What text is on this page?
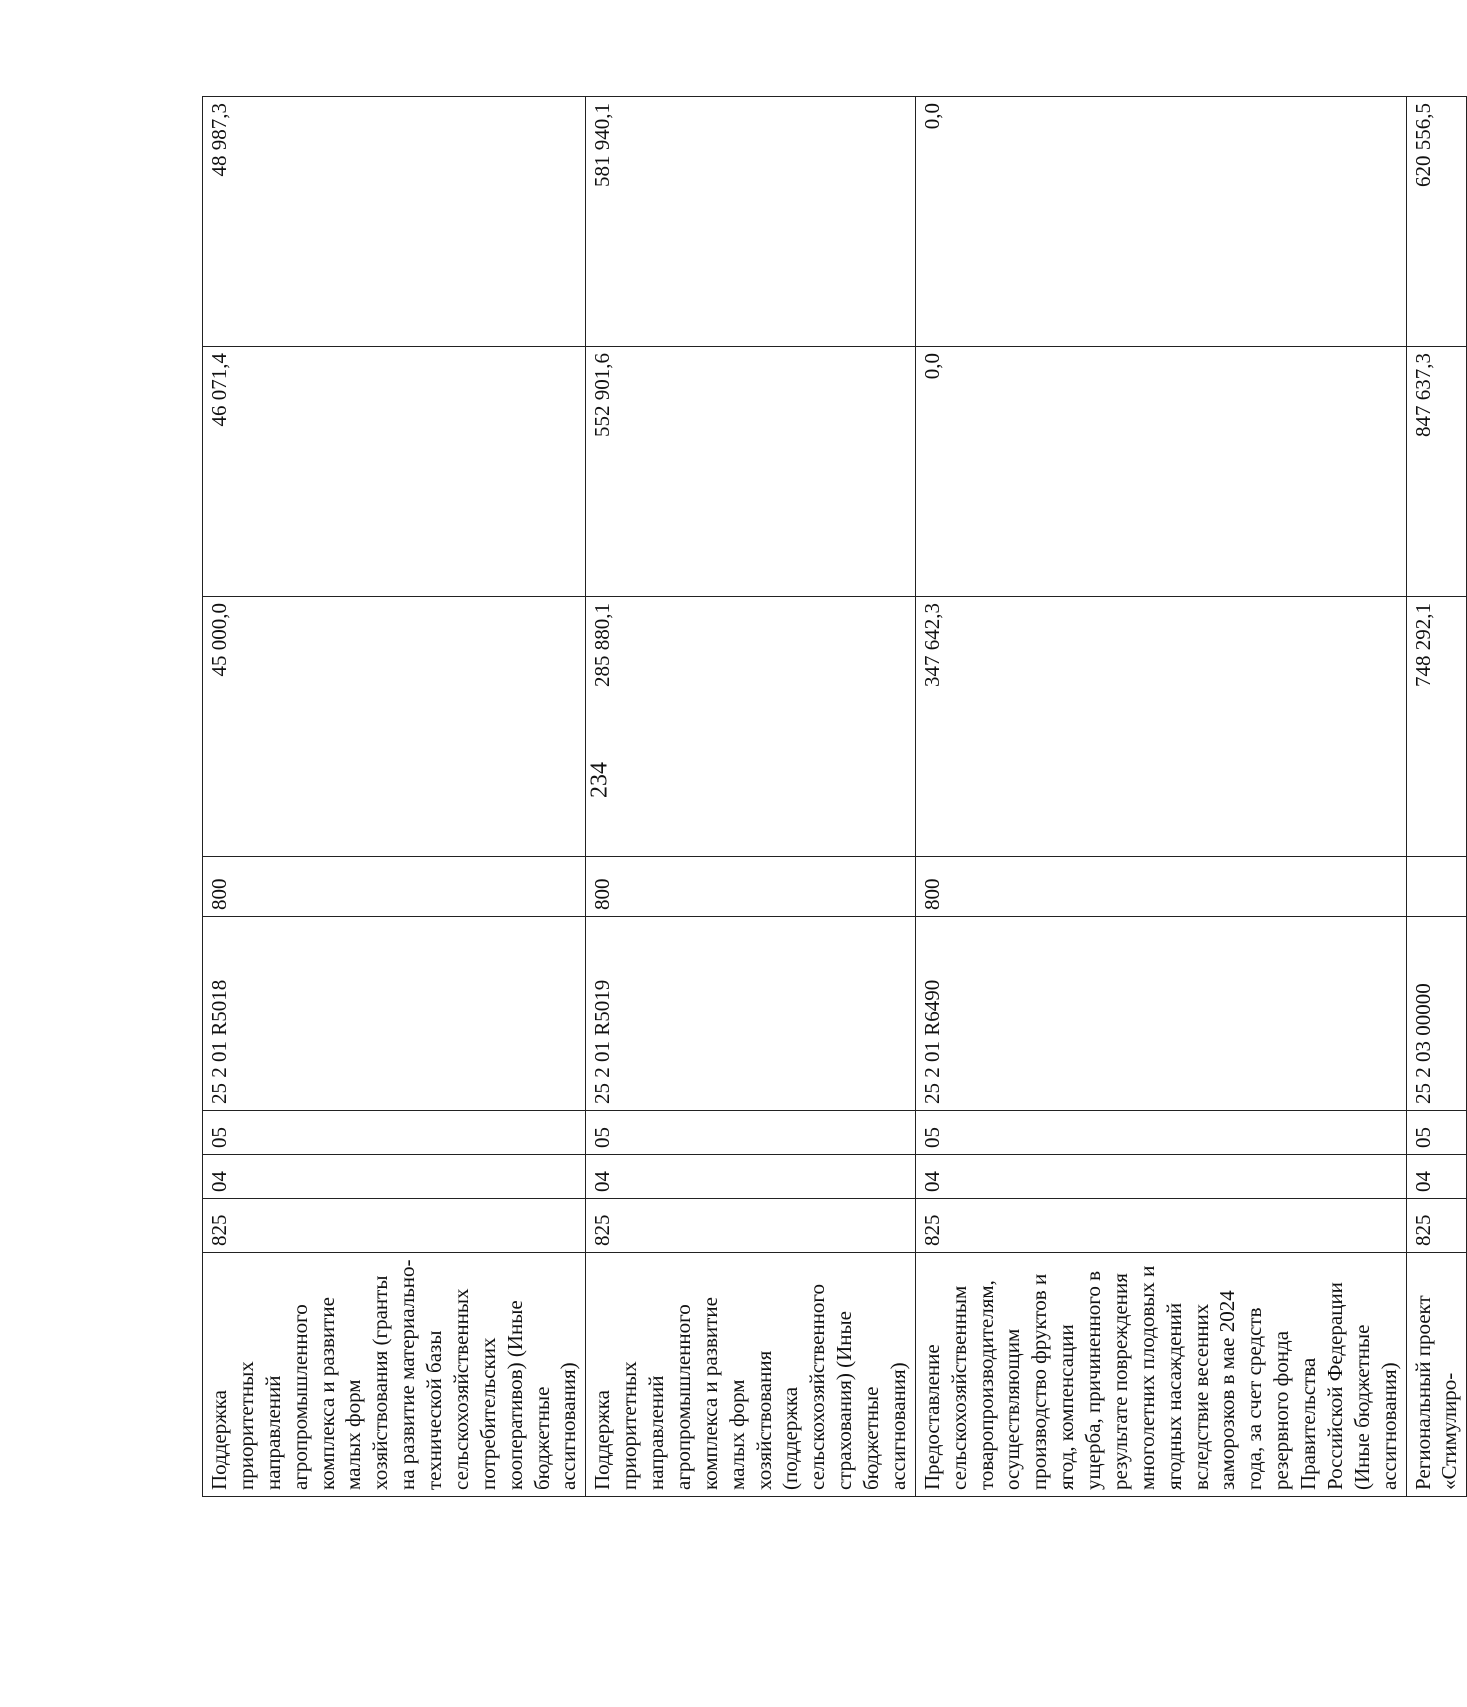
234
Поддержка приоритетных направлений агропромышленного комплекса и развитие малых форм хозяйствования (гранты на развитие материально-технической базы сельскохозяйственных потребительских кооперативов) (Иные бюджетные ассигнования)	825	04	05	25 2 01 R5018	800	45 000,0	46 071,4	48 987,3
Поддержка приоритетных направлений агропромышленного комплекса и развитие малых форм хозяйствования (поддержка сельскохозяйственного страхования) (Иные бюджетные ассигнования)	825	04	05	25 2 01 R5019	800	285 880,1	552 901,6	581 940,1
Предоставление сельскохозяйственным товаропроизводителям, осуществляющим производство фруктов и ягод, компенсации ущерба, причиненного в результате повреждения многолетних плодовых и ягодных насаждений вследствие весенних заморозков в мае 2024 года, за счет средств резервного фонда Правительства Российской Федерации (Иные бюджетные ассигнования)	825	04	05	25 2 01 R6490	800	347 642,3	0,0	0,0
Региональный проект «Стимулиро-	825	04	05	25 2 03 00000		748 292,1	847 637,3	620 556,5
